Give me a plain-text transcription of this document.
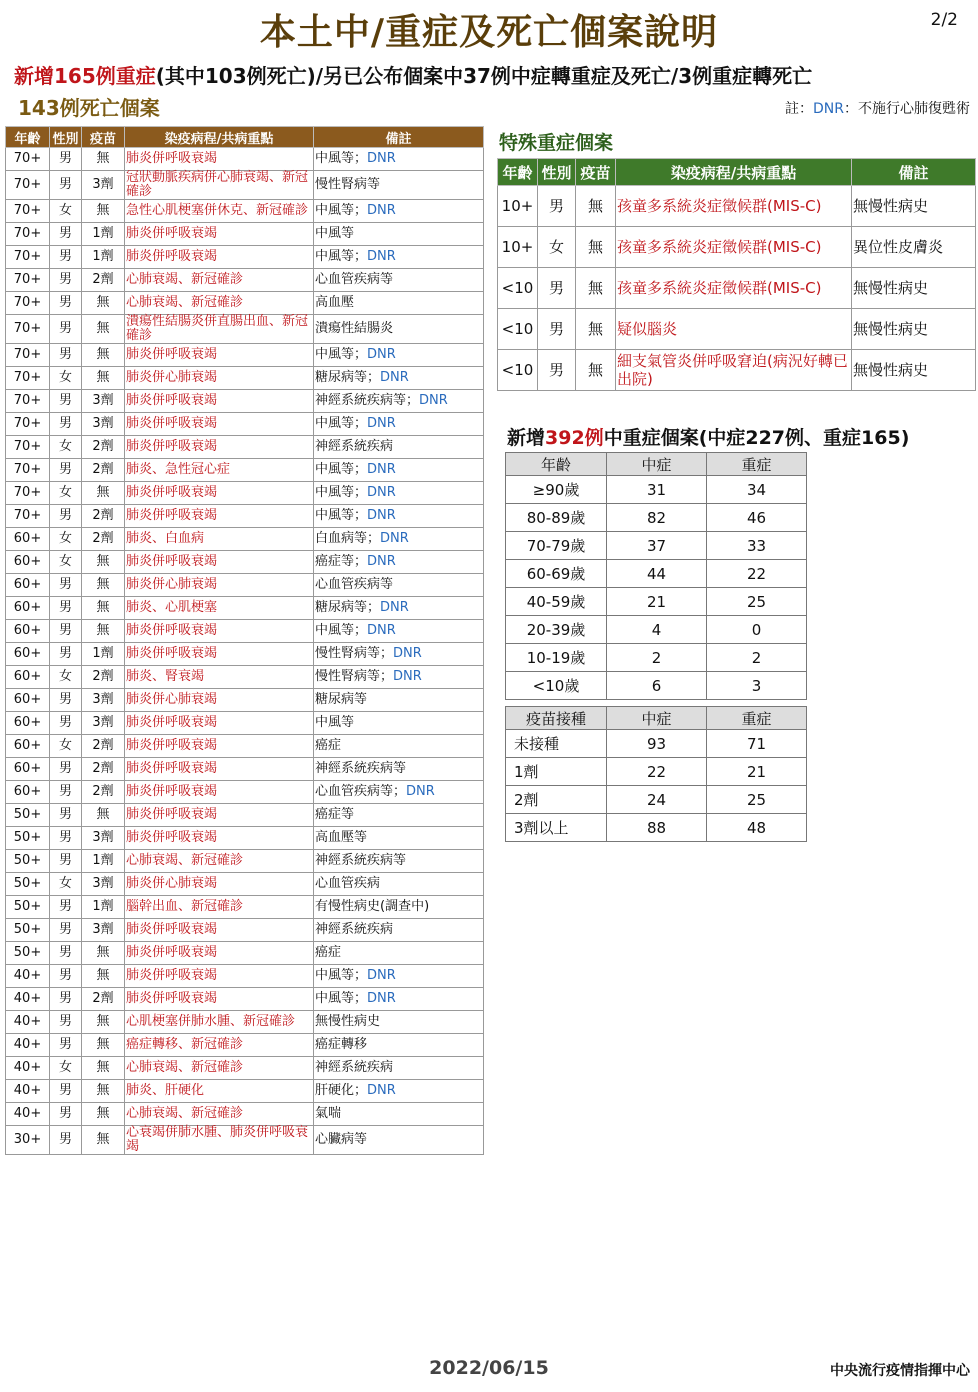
本土中/重症及死亡個案說明	2/2
新增165例重症(其中103例死亡)/另已公布個案中37例中症轉重症及死亡/3例重症轉死亡
143例死亡個案	註：DNR：不施行心肺復甦術
年齡	性別	疫苗	染疫病程/共病重點	備註
70+	男	無	肺炎併呼吸衰竭	中風等；DNR
70+	男	3劑	冠狀動脈疾病併心肺衰竭、新冠確診	慢性腎病等
70+	女	無	急性心肌梗塞併休克、新冠確診	中風等；DNR
70+	男	1劑	肺炎併呼吸衰竭	中風等
70+	男	1劑	肺炎併呼吸衰竭	中風等；DNR
70+	男	2劑	心肺衰竭、新冠確診	心血管疾病等
70+	男	無	心肺衰竭、新冠確診	高血壓
70+	男	無	潰瘍性結腸炎併直腸出血、新冠確診	潰瘍性結腸炎
70+	男	無	肺炎併呼吸衰竭	中風等；DNR
70+	女	無	肺炎併心肺衰竭	糖尿病等；DNR
70+	男	3劑	肺炎併呼吸衰竭	神經系統疾病等；DNR
70+	男	3劑	肺炎併呼吸衰竭	中風等；DNR
70+	女	2劑	肺炎併呼吸衰竭	神經系統疾病
70+	男	2劑	肺炎、急性冠心症	中風等；DNR
70+	女	無	肺炎併呼吸衰竭	中風等；DNR
70+	男	2劑	肺炎併呼吸衰竭	中風等；DNR
60+	女	2劑	肺炎、白血病	白血病等；DNR
60+	女	無	肺炎併呼吸衰竭	癌症等；DNR
60+	男	無	肺炎併心肺衰竭	心血管疾病等
60+	男	無	肺炎、心肌梗塞	糖尿病等；DNR
60+	男	無	肺炎併呼吸衰竭	中風等；DNR
60+	男	1劑	肺炎併呼吸衰竭	慢性腎病等；DNR
60+	女	2劑	肺炎、腎衰竭	慢性腎病等；DNR
60+	男	3劑	肺炎併心肺衰竭	糖尿病等
60+	男	3劑	肺炎併呼吸衰竭	中風等
60+	女	2劑	肺炎併呼吸衰竭	癌症
60+	男	2劑	肺炎併呼吸衰竭	神經系統疾病等
60+	男	2劑	肺炎併呼吸衰竭	心血管疾病等；DNR
50+	男	無	肺炎併呼吸衰竭	癌症等
50+	男	3劑	肺炎併呼吸衰竭	高血壓等
50+	男	1劑	心肺衰竭、新冠確診	神經系統疾病等
50+	女	3劑	肺炎併心肺衰竭	心血管疾病
50+	男	1劑	腦幹出血、新冠確診	有慢性病史(調查中)
50+	男	3劑	肺炎併呼吸衰竭	神經系統疾病
50+	男	無	肺炎併呼吸衰竭	癌症
40+	男	無	肺炎併呼吸衰竭	中風等；DNR
40+	男	2劑	肺炎併呼吸衰竭	中風等；DNR
40+	男	無	心肌梗塞併肺水腫、新冠確診	無慢性病史
40+	男	無	癌症轉移、新冠確診	癌症轉移
40+	女	無	心肺衰竭、新冠確診	神經系統疾病
40+	男	無	肺炎、肝硬化	肝硬化；DNR
40+	男	無	心肺衰竭、新冠確診	氣喘
30+	男	無	心衰竭併肺水腫、肺炎併呼吸衰竭	心臟病等
特殊重症個案
年齡	性別	疫苗	染疫病程/共病重點	備註
10+	男	無	孩童多系統炎症徵候群(MIS-C)	無慢性病史
10+	女	無	孩童多系統炎症徵候群(MIS-C)	異位性皮膚炎
<10	男	無	孩童多系統炎症徵候群(MIS-C)	無慢性病史
<10	男	無	疑似腦炎	無慢性病史
<10	男	無	細支氣管炎併呼吸窘迫(病況好轉已出院)	無慢性病史
新增392例中重症個案(中症227例、重症165)
年齡	中症	重症
≥90歲	31	34
80-89歲	82	46
70-79歲	37	33
60-69歲	44	22
40-59歲	21	25
20-39歲	4	0
10-19歲	2	2
<10歲	6	3
疫苗接種	中症	重症
未接種	93	71
1劑	22	21
2劑	24	25
3劑以上	88	48
2022/06/15	中央流行疫情指揮中心
